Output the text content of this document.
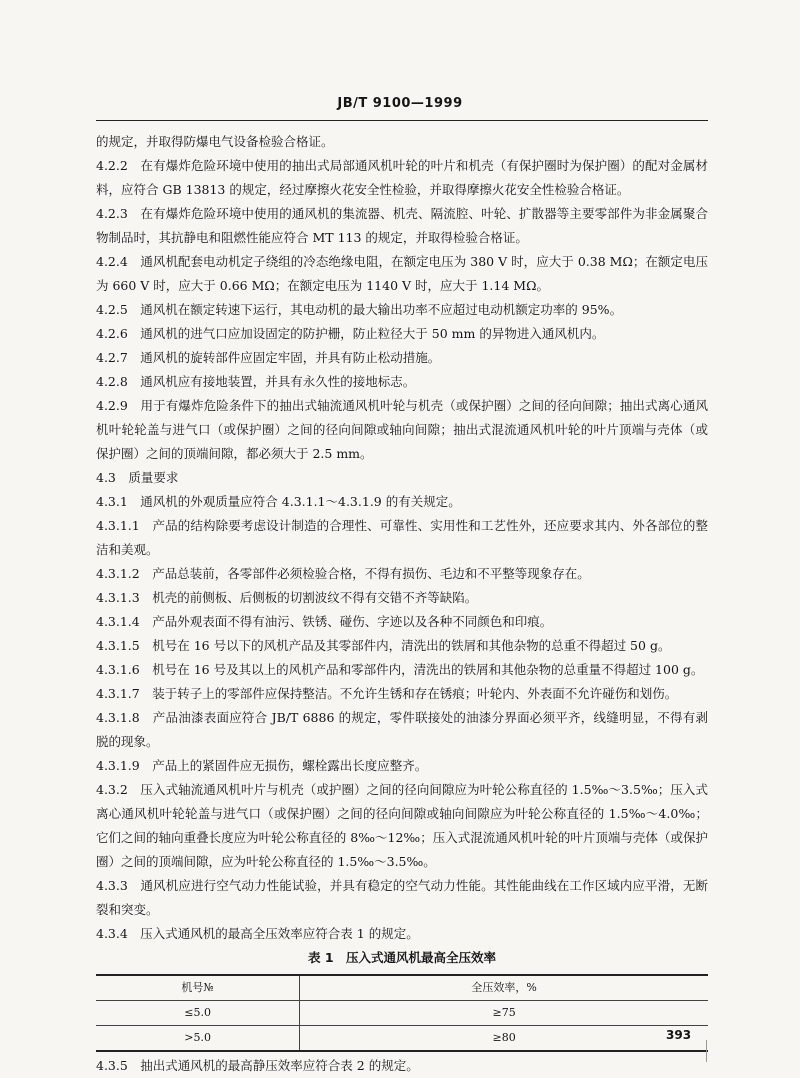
JB/T 9100—1999

的规定，并取得防爆电气设备检验合格证。

4.2.2　在有爆炸危险环境中使用的抽出式局部通风机叶轮的叶片和机壳（有保护圈时为保护圈）的配对金属材料，应符合 GB 13813 的规定，经过摩擦火花安全性检验，并取得摩擦火花安全性检验合格证。

4.2.3　在有爆炸危险环境中使用的通风机的集流器、机壳、隔流腔、叶轮、扩散器等主要零部件为非金属聚合物制品时，其抗静电和阻燃性能应符合 MT 113 的规定，并取得检验合格证。

4.2.4　通风机配套电动机定子绕组的冷态绝缘电阻，在额定电压为 380 V 时，应大于 0.38 MΩ；在额定电压为 660 V 时，应大于 0.66 MΩ；在额定电压为 1140 V 时，应大于 1.14 MΩ。

4.2.5　通风机在额定转速下运行，其电动机的最大输出功率不应超过电动机额定功率的 95%。

4.2.6　通风机的进气口应加设固定的防护栅，防止粒径大于 50 mm 的异物进入通风机内。

4.2.7　通风机的旋转部件应固定牢固，并具有防止松动措施。

4.2.8　通风机应有接地装置，并具有永久性的接地标志。

4.2.9　用于有爆炸危险条件下的抽出式轴流通风机叶轮与机壳（或保护圈）之间的径向间隙；抽出式离心通风机叶轮轮盖与进气口（或保护圈）之间的径向间隙或轴向间隙；抽出式混流通风机叶轮的叶片顶端与壳体（或保护圈）之间的顶端间隙，都必须大于 2.5 mm。

4.3　质量要求

4.3.1　通风机的外观质量应符合 4.3.1.1～4.3.1.9 的有关规定。

4.3.1.1　产品的结构除要考虑设计制造的合理性、可靠性、实用性和工艺性外，还应要求其内、外各部位的整洁和美观。

4.3.1.2　产品总装前，各零部件必须检验合格，不得有损伤、毛边和不平整等现象存在。

4.3.1.3　机壳的前侧板、后侧板的切割波纹不得有交错不齐等缺陷。

4.3.1.4　产品外观表面不得有油污、铁锈、碰伤、字迹以及各种不同颜色和印痕。

4.3.1.5　机号在 16 号以下的风机产品及其零部件内，清洗出的铁屑和其他杂物的总重不得超过 50 g。

4.3.1.6　机号在 16 号及其以上的风机产品和零部件内，清洗出的铁屑和其他杂物的总重量不得超过 100 g。

4.3.1.7　装于转子上的零部件应保持整洁。不允许生锈和存在锈痕；叶轮内、外表面不允许碰伤和划伤。

4.3.1.8　产品油漆表面应符合 JB/T 6886 的规定，零件联接处的油漆分界面必须平齐，线缝明显，不得有剥脱的现象。

4.3.1.9　产品上的紧固件应无损伤，螺栓露出长度应整齐。

4.3.2　压入式轴流通风机叶片与机壳（或护圈）之间的径向间隙应为叶轮公称直径的 1.5‰～3.5‰；压入式离心通风机叶轮轮盖与进气口（或保护圈）之间的径向间隙或轴向间隙应为叶轮公称直径的 1.5‰～4.0‰；它们之间的轴向重叠长度应为叶轮公称直径的 8‰～12‰；压入式混流通风机叶轮的叶片顶端与壳体（或保护圈）之间的顶端间隙，应为叶轮公称直径的 1.5‰～3.5‰。

4.3.3　通风机应进行空气动力性能试验，并具有稳定的空气动力性能。其性能曲线在工作区域内应平滑，无断裂和突变。

4.3.4　压入式通风机的最高全压效率应符合表 1 的规定。

表 1　压入式通风机最高全压效率

机号№	全压效率，%
≤5.0	≥75
>5.0	≥80

4.3.5　抽出式通风机的最高静压效率应符合表 2 的规定。

393
